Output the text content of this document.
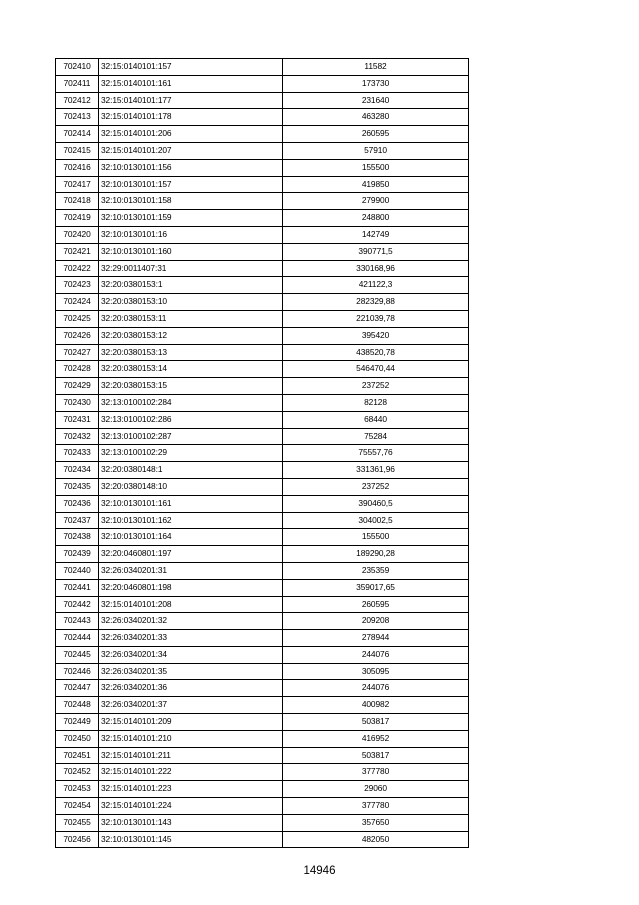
702410	32:15:0140101:157	11582
702411	32:15:0140101:161	173730
702412	32:15:0140101:177	231640
702413	32:15:0140101:178	463280
702414	32:15:0140101:206	260595
702415	32:15:0140101:207	57910
702416	32:10:0130101:156	155500
702417	32:10:0130101:157	419850
702418	32:10:0130101:158	279900
702419	32:10:0130101:159	248800
702420	32:10:0130101:16	142749
702421	32:10:0130101:160	390771,5
702422	32:29:0011407:31	330168,96
702423	32:20:0380153:1	421122,3
702424	32:20:0380153:10	282329,88
702425	32:20:0380153:11	221039,78
702426	32:20:0380153:12	395420
702427	32:20:0380153:13	438520,78
702428	32:20:0380153:14	546470,44
702429	32:20:0380153:15	237252
702430	32:13:0100102:284	82128
702431	32:13:0100102:286	68440
702432	32:13:0100102:287	75284
702433	32:13:0100102:29	75557,76
702434	32:20:0380148:1	331361,96
702435	32:20:0380148:10	237252
702436	32:10:0130101:161	390460,5
702437	32:10:0130101:162	304002,5
702438	32:10:0130101:164	155500
702439	32:20:0460801:197	189290,28
702440	32:26:0340201:31	235359
702441	32:20:0460801:198	359017,65
702442	32:15:0140101:208	260595
702443	32:26:0340201:32	209208
702444	32:26:0340201:33	278944
702445	32:26:0340201:34	244076
702446	32:26:0340201:35	305095
702447	32:26:0340201:36	244076
702448	32:26:0340201:37	400982
702449	32:15:0140101:209	503817
702450	32:15:0140101:210	416952
702451	32:15:0140101:211	503817
702452	32:15:0140101:222	377780
702453	32:15:0140101:223	29060
702454	32:15:0140101:224	377780
702455	32:10:0130101:143	357650
702456	32:10:0130101:145	482050
14946
